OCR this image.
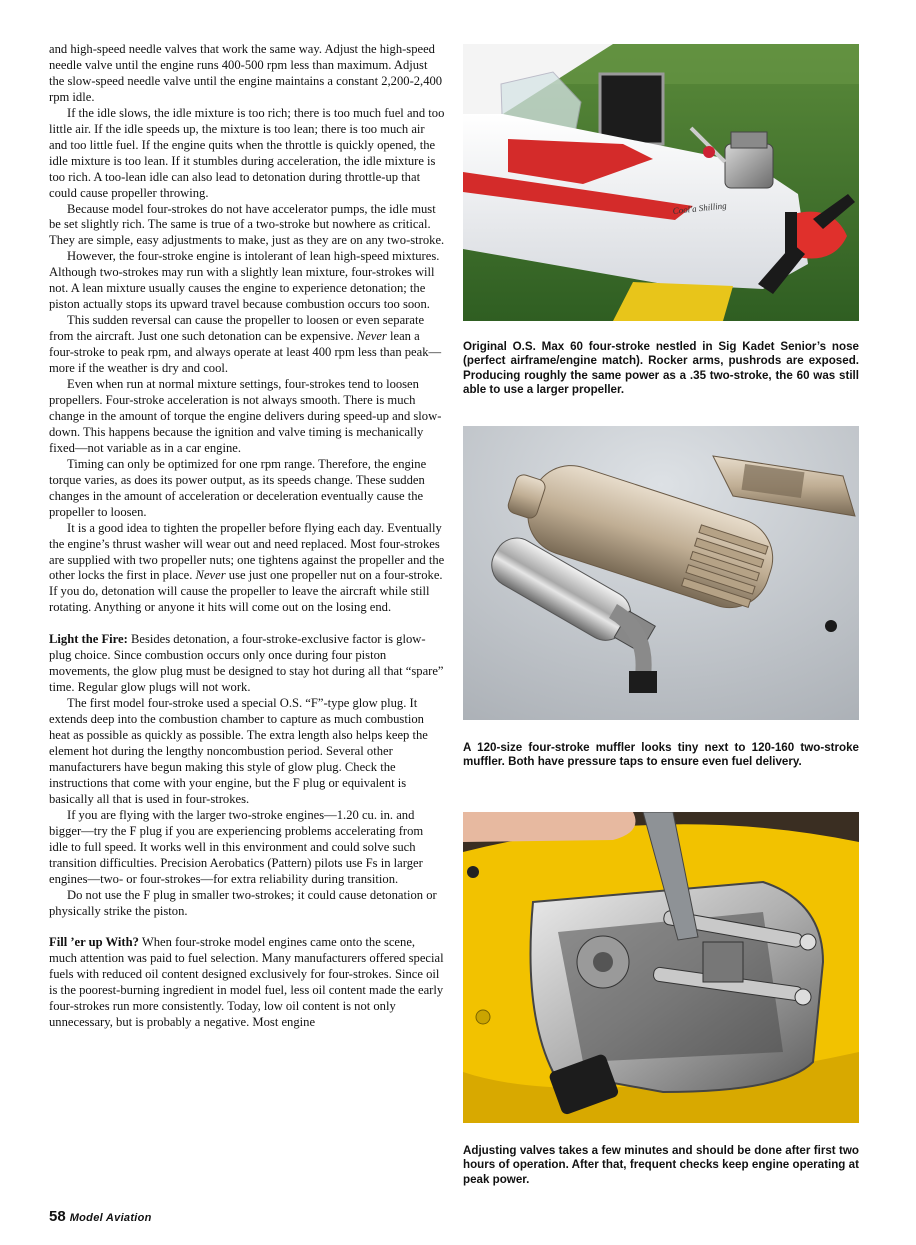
and high-speed needle valves that work the same way. Adjust the high-speed needle valve until the engine runs 400-500 rpm less than maximum. Adjust the slow-speed needle valve until the engine maintains a constant 2,200-2,400 rpm idle.

If the idle slows, the idle mixture is too rich; there is too much fuel and too little air. If the idle speeds up, the mixture is too lean; there is too much air and too little fuel. If the engine quits when the throttle is quickly opened, the idle mixture is too lean. If it stumbles during acceleration, the idle mixture is too rich. A too-lean idle can also lead to detonation during throttle-up that could cause propeller throwing.

Because model four-strokes do not have accelerator pumps, the idle must be set slightly rich. The same is true of a two-stroke but nowhere as critical. They are simple, easy adjustments to make, just as they are on any two-stroke.

However, the four-stroke engine is intolerant of lean high-speed mixtures. Although two-strokes may run with a slightly lean mixture, four-strokes will not. A lean mixture usually causes the engine to experience detonation; the piston actually stops its upward travel because combustion occurs too soon.

This sudden reversal can cause the propeller to loosen or even separate from the aircraft. Just one such detonation can be expensive. Never lean a four-stroke to peak rpm, and always operate at least 400 rpm less than peak—more if the weather is dry and cool.

Even when run at normal mixture settings, four-strokes tend to loosen propellers. Four-stroke acceleration is not always smooth. There is much change in the amount of torque the engine delivers during speed-up and slow-down. This happens because the ignition and valve timing is mechanically fixed—not variable as in a car engine.

Timing can only be optimized for one rpm range. Therefore, the engine torque varies, as does its power output, as its speeds change. These sudden changes in the amount of acceleration or deceleration eventually cause the propeller to loosen.

It is a good idea to tighten the propeller before flying each day. Eventually the engine’s thrust washer will wear out and need replaced. Most four-strokes are supplied with two propeller nuts; one tightens against the propeller and the other locks the first in place. Never use just one propeller nut on a four-stroke. If you do, detonation will cause the propeller to leave the aircraft while still rotating. Anything or anyone it hits will come out on the losing end.

Light the Fire: Besides detonation, a four-stroke-exclusive factor is glow-plug choice. Since combustion occurs only once during four piston movements, the glow plug must be designed to stay hot during all that “spare” time. Regular glow plugs will not work.

The first model four-stroke used a special O.S. “F”-type glow plug. It extends deep into the combustion chamber to capture as much combustion heat as possible as quickly as possible. The extra length also helps keep the element hot during the lengthy noncombustion period. Several other manufacturers have begun making this style of glow plug. Check the instructions that come with your engine, but the F plug or equivalent is basically all that is used in four-strokes.

If you are flying with the larger two-stroke engines—1.20 cu. in. and bigger—try the F plug if you are experiencing problems accelerating from idle to full speed. It works well in this environment and could solve such transition difficulties. Precision Aerobatics (Pattern) pilots use Fs in larger engines—two- or four-strokes—for extra reliability during transition.

Do not use the F plug in smaller two-strokes; it could cause detonation or physically strike the piston.

Fill ’er up With? When four-stroke model engines came onto the scene, much attention was paid to fuel selection. Many manufacturers offered special fuels with reduced oil content designed exclusively for four-strokes. Since oil is the poorest-burning ingredient in model fuel, less oil content made the early four-strokes run more consistently. Today, low oil content is not only unnecessary, but is probably a negative. Most engine

Cool'a Shilling
Original O.S. Max 60 four-stroke nestled in Sig Kadet Senior’s nose (perfect airframe/engine match). Rocker arms, pushrods are exposed. Producing roughly the same power as a .35 two-stroke, the 60 was still able to use a larger propeller.
A 120-size four-stroke muffler looks tiny next to 120-160 two-stroke muffler. Both have pressure taps to ensure even fuel delivery.
Adjusting valves takes a few minutes and should be done after first two hours of operation. After that, frequent checks keep engine operating at peak power.
58 Model Aviation
